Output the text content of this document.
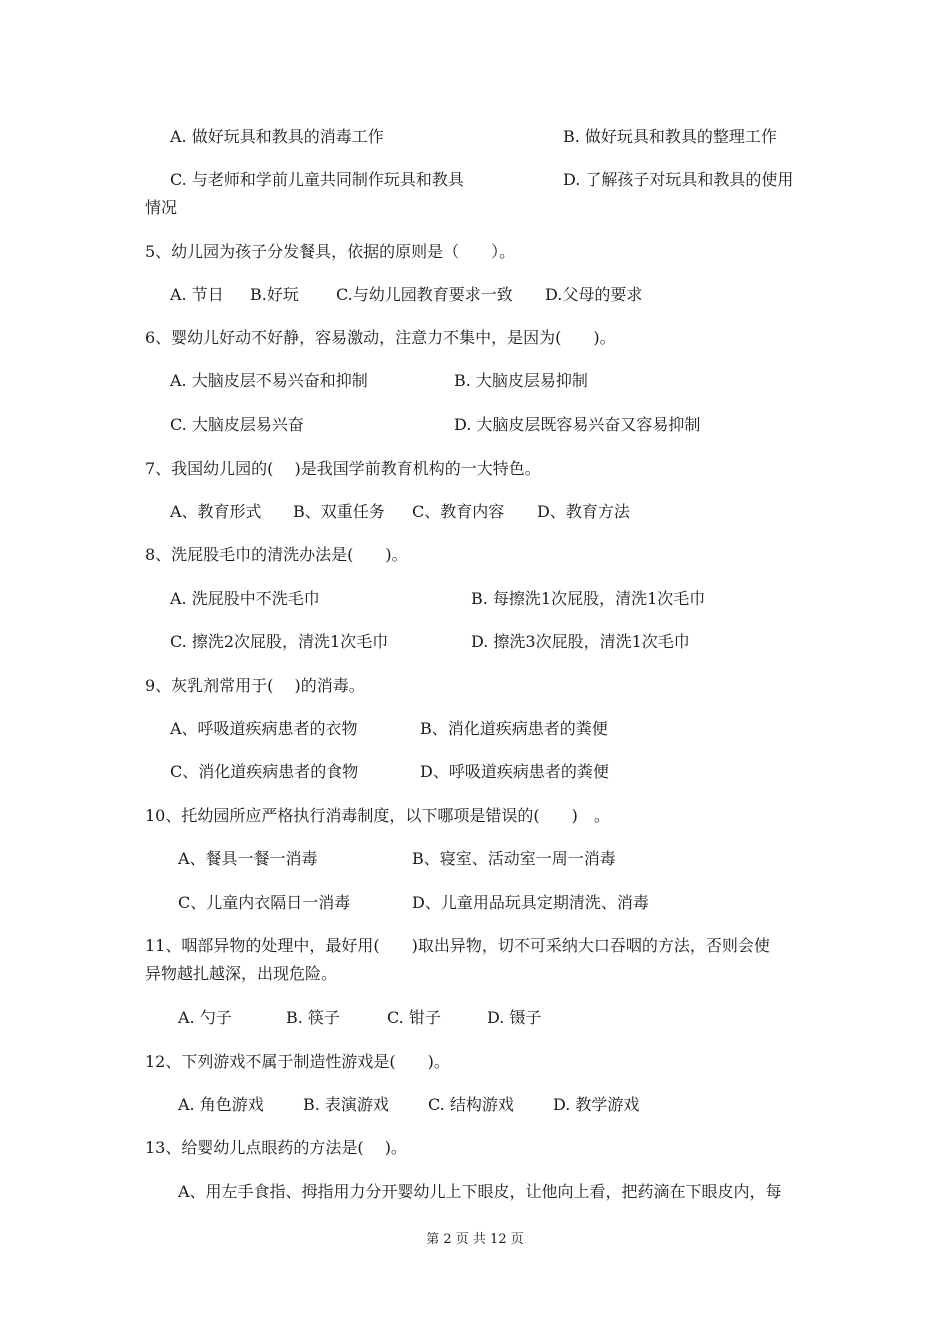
A. 做好玩具和教具的消毒工作	B. 做好玩具和教具的整理工作
C. 与老师和学前儿童共同制作玩具和教具	D. 了解孩子对玩具和教具的使用
情况
5、幼儿园为孩子分发餐具，依据的原则是（　　）。
A. 节日 B.好玩 C.与幼儿园教育要求一致 D.父母的要求
6、婴幼儿好动不好静，容易激动，注意力不集中，是因为(　　)。
A. 大脑皮层不易兴奋和抑制	B. 大脑皮层易抑制
C. 大脑皮层易兴奋	D. 大脑皮层既容易兴奋又容易抑制
7、我国幼儿园的(　 )是我国学前教育机构的一大特色。
A、教育形式 B、双重任务 C、教育内容 D、教育方法
8、洗屁股毛巾的清洗办法是(　　)。
A. 洗屁股中不洗毛巾	B. 每擦洗1次屁股，清洗1次毛巾
C. 擦洗2次屁股，清洗1次毛巾	D. 擦洗3次屁股，清洗1次毛巾
9、灰乳剂常用于(　 )的消毒。
A、呼吸道疾病患者的衣物	B、消化道疾病患者的粪便
C、消化道疾病患者的食物	D、呼吸道疾病患者的粪便
10、托幼园所应严格执行消毒制度，以下哪项是错误的(　　)　。
A、餐具一餐一消毒	B、寝室、活动室一周一消毒
C、儿童内衣隔日一消毒	D、儿童用品玩具定期清洗、消毒
11、咽部异物的处理中，最好用(　　)取出异物，切不可采纳大口吞咽的方法，否则会使
异物越扎越深，出现危险。
A. 勺子	B. 筷子	C. 钳子	D. 镊子
12、下列游戏不属于制造性游戏是(　　)。
A. 角色游戏 B. 表演游戏 C. 结构游戏 D. 教学游戏
13、给婴幼儿点眼药的方法是(　 )。
A、用左手食指、拇指用力分开婴幼儿上下眼皮，让他向上看，把药滴在下眼皮内，每
第 2 页 共 12 页
